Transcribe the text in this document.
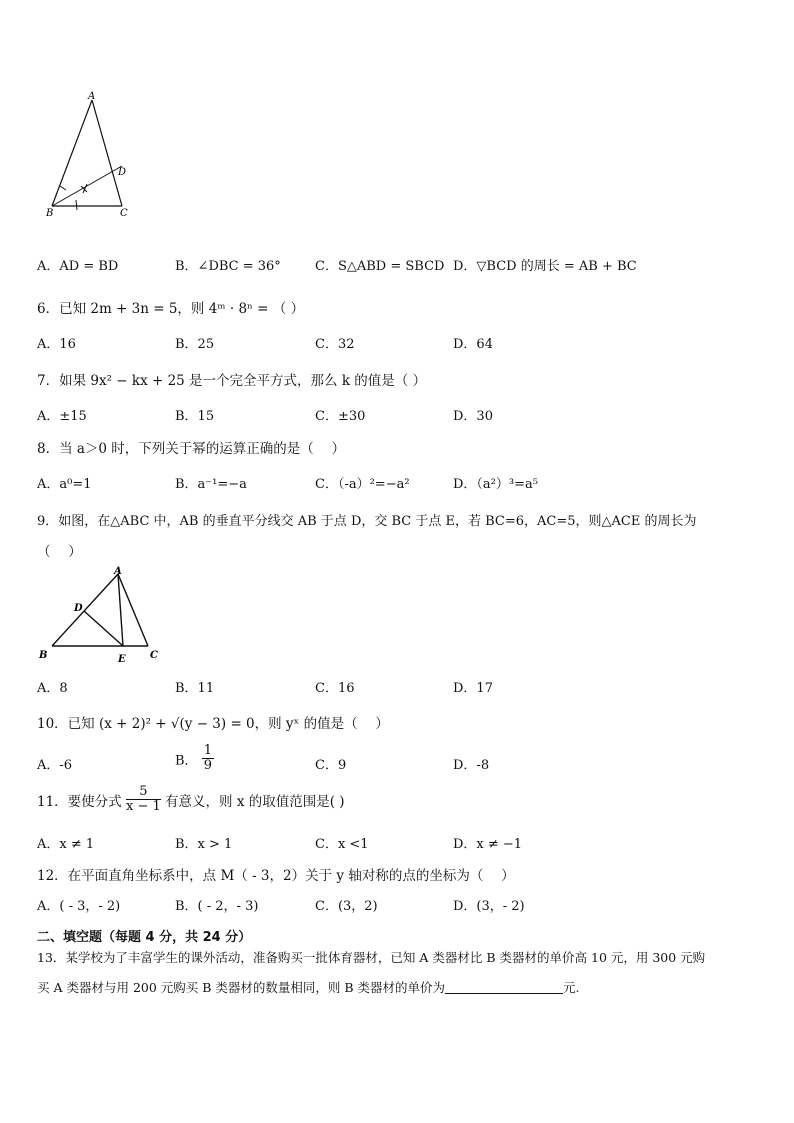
A
B	C
D
A．AD = BD	B．∠DBC = 36°	C．S△ABD = SBCD D．▽BCD 的周长 = AB + BC
6．已知 2m + 3n = 5，则 4ᵐ · 8ⁿ = （ ）
A．16	B．25	C．32	D．64
7．如果 9x² − kx + 25 是一个完全平方式，那么 k 的值是（ ）
A．±15	B．15	C．±30	D．30
8．当 a＞0 时，下列关于幂的运算正确的是（　 ）
A．a⁰=1	B．a⁻¹=−a	C．（-a）²=−a²	D．（a²）³=a⁵
9．如图，在△ABC 中，AB 的垂直平分线交 AB 于点 D，交 BC 于点 E，若 BC=6，AC=5，则△ACE 的周长为
（　 ）
A
B	C
D
E
A．8	B．11	C．16	D．17
10．已知 (x + 2)² + √(y − 3) = 0，则 yˣ 的值是（　 ）
A．-6	B． $\frac{1}{9}$	C．9	D．-8
11．要使分式 $\frac{5}{x - 1}$ 有意义，则 x 的取值范围是( )
A．x ≠ 1	B．x > 1	C．x <1	D．x ≠ −1
12．在平面直角坐标系中，点 M（ - 3，2）关于 y 轴对称的点的坐标为（　 ）
A．( - 3，- 2)	B．( - 2，- 3)	C．(3，2)	D．(3，- 2)
二、填空题（每题 4 分，共 24 分）
13．某学校为了丰富学生的课外活动，准备购买一批体育器材，已知 A 类器材比 B 类器材的单价高 10 元，用 300 元购
买 A 类器材与用 200 元购买 B 类器材的数量相同，则 B 类器材的单价为	元.
